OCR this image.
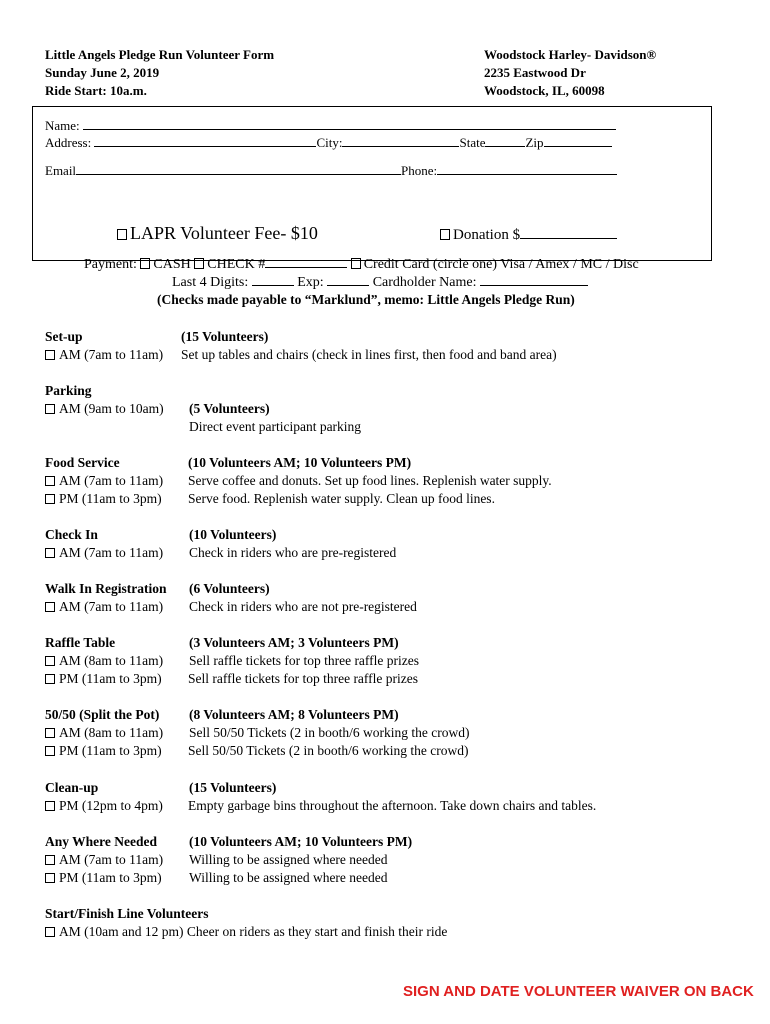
Little Angels Pledge Run Volunteer Form
Sunday June 2, 2019
Ride Start: 10a.m.
Woodstock Harley- Davidson®
2235 Eastwood Dr
Woodstock, IL, 60098
Name:
Address:	City:	State	Zip
Email	Phone:
LAPR Volunteer Fee- $10	Donation $
Payment: CASH CHECK #	Credit Card (circle one) Visa / Amex / MC / Disc
Last 4 Digits:	Exp:	Cardholder Name:
(Checks made payable to “Marklund”, memo: Little Angels Pledge Run)
Set-up	(15 Volunteers)
AM (7am to 11am) Set up tables and chairs (check in lines first, then food and band area)
Parking
AM (9am to 10am) (5 Volunteers)
Direct event participant parking
Food Service	(10 Volunteers AM; 10 Volunteers PM)
AM (7am to 11am) Serve coffee and donuts. Set up food lines. Replenish water supply.
PM (11am to 3pm) Serve food. Replenish water supply. Clean up food lines.
Check In	(10 Volunteers)
AM (7am to 11am) Check in riders who are pre-registered
Walk In Registration (6 Volunteers)
AM (7am to 11am) Check in riders who are not pre-registered
Raffle Table	(3 Volunteers AM; 3 Volunteers PM)
AM (8am to 11am) Sell raffle tickets for top three raffle prizes
PM (11am to 3pm) Sell raffle tickets for top three raffle prizes
50/50 (Split the Pot) (8 Volunteers AM; 8 Volunteers PM)
AM (8am to 11am) Sell 50/50 Tickets (2 in booth/6 working the crowd)
PM (11am to 3pm) Sell 50/50 Tickets (2 in booth/6 working the crowd)
Clean-up	(15 Volunteers)
PM (12pm to 4pm) Empty garbage bins throughout the afternoon. Take down chairs and tables.
Any Where Needed (10 Volunteers AM; 10 Volunteers PM)
AM (7am to 11am) Willing to be assigned where needed
PM (11am to 3pm) Willing to be assigned where needed
Start/Finish Line Volunteers
AM (10am and 12 pm) Cheer on riders as they start and finish their ride
SIGN AND DATE VOLUNTEER WAIVER ON BACK
